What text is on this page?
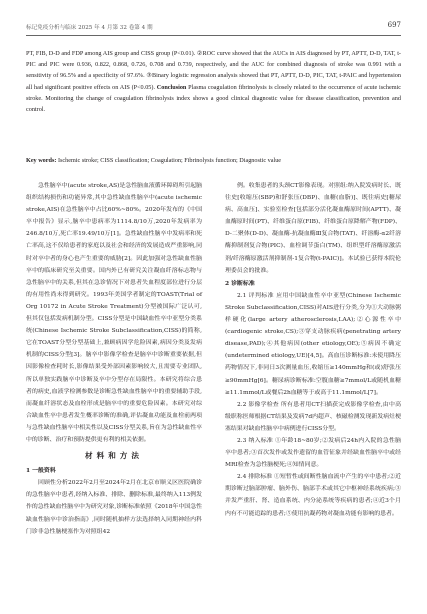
标记免疫分析与临床 2025 年 4 月第 32 卷第 4 期	697
PT, FIB, D-D and FDP among AIS group and CISS group (P<0.01). ②ROC curve showed that the AUCs in AIS diagnosed by PT, APTT, D-D, TAT, t-PIC and PIC were 0.936, 0.822, 0.868, 0.726, 0.708 and 0.739, respectively, and the AUC for combined diagnosis of stroke was 0.991 with a sensitivity of 96.5% and a specificity of 97.6%. ③Binary logistic regression analysis showed that PT, APTT, D-D, PIC, TAT, t-PAIC and hypertension all had significant positive effects on AIS (P<0.05). Conclusion Plasma coagulation fibrinolysis is closely related to the occurrence of acute ischemic stroke. Monitoring the change of coagulation fibrinolysis index shows a good clinical diagnostic value for disease classification, prevention and control.
Key words: Ischemic stroke; CISS classification; Coagulation; Fibrinolysis function; Diagnostic value

急性脑卒中(acute stroke,AS)是急性脑血液循环障碍所引起脑组织结构损伤和功能异常,其中急性缺血性脑卒中(acute ischemic stroke,AIS)在急性脑卒中占比60%~80%。2020年发布的《中国卒中报告》显示,脑卒中患病率为1114.8/10万,2020年发病率为246.8/10万,死亡率19.49/10万[1]。急性缺血性脑卒中发病率和死亡率高,这不仅给患者的家庭以及社会和经济的发展造成严重影响,同时对卒中者的身心也产生重要的威胁[2]。因此加强对急性缺血性脑卒中的临床研究至关重要。国内外已有研究关注凝血纤溶标志物与急性脑卒中的关系,但其在急诊情况下对患者失血程度部位进行分层的有用性尚未得到研究。1993年美国学者制定的TOAST(Trial of Org 10172 in Acute Stroke Treatment)分型被国际广泛认可,但其仅包括发病机制分型。CISS分型是中国缺血性卒中亚型分类系统(Chinese Ischemic Stroke Subclassification,CISS)的简称,它在TOAST分型分型基础上,兼顾病因学危险因素,病因分类及发病机制的CISS分型[3]。脑卒中影像学检查是脑卒中诊断重要依据,但因影像检查耗时长,影像结果受外部因素影响较大,且需要专业团队,所以单独实践脑卒中诊断及卒中分型存在局限性。本研究将综合患者的病史,血液学检测参数是诊断急性缺血性脑卒中的重要辅助手段,而凝血纤溶状态及血栓形成是脑卒中的重要危险因素。本研究对综合缺血性卒中患者发生概率诊断的准确,评估凝血功能及血栓前两项与急性缺血性脑卒中相关性以及CISS分型关系,旨在为急性缺血性卒中的诊断、治疗和预防提供更有利的相关依据。

材料和方法
1 一般资料

回顾性分析2022年2月至2024年2月在北京市顺义区医院确诊的急性脑卒中患者,经纳入标准、排除、删除标准,最终纳入113例发作的急性缺血性脑卒中为研究对象,诊断标准依照《2018年中国急性缺血性脑卒中诊治指南》,同时随机抽样方法选择纳入同期神经内科门诊非急性脑梗塞作为对照组42

例。收集患者的头颈CT影像表现。对照组:纳入院发病时长、既往史[收缩压(SBP)和舒张压(DBP)、血糖(血脂)]、既往病史[糖尿病、高血压]、实验室检查[包括部分活化凝血酶原时间(APTT)、凝血酶原时间(PT)、纤维蛋白原(FIB)、纤维蛋白原降解产物(FDP)、D-二聚体(D-D)、凝血酶-抗凝血酶Ⅲ复合物(TAT)、纤溶酶-α2纤溶酶抑制剂复合物(PIC)、血栓调节蛋白(TM)、组织型纤溶酶原激活剂/纤溶酶原激活剂抑制剂-1复合物(t-PAIC)]。本试验已获得本院伦理委员会的批准。

2 诊断标准

2.1 评判标准 应用中国缺血性卒中亚型(Chinese Ischemic Stroke Subclassification,CISS)对AIS进行分类,分为①大动脉粥样硬化(large artery atherosclerosis,LAA);②心源性卒中(cardiogenic stroke,CS);③穿支动脉疾病(penetrating artery disease,PAD);④其他病因(other etiology,OE);⑤病因不确定(undetermined etiology,UE)[4,5]。高血压诊断标准:未使用降压药物情况下,非同日3次测量血压,收缩压≥140mmHg和(或)舒张压≥90mmHg[6]。糖尿病诊断标准:空腹血糖≥7mmol/L或随机血糖≥11.1mmol/L或餐后2h血糖等于或高于11.1mmol/L[7]。

2.2 影像学检查 所有患者用CT扫描获完成影像学检查,由中高级职称医师根据CT结果及发病7d内超声、核磁检测发现新发病灶梗塞结果对缺血性脑卒中病例进行CISS分型。

2.3 纳入标准 ①年龄18~80岁;②发病后24h内入院的急性脑卒中患者;③首次发作或发作遗留的血管征象并经缺血性脑卒中或经MRI检查为急性脑梗死;④知情同意。

2.4 排除标准 ①短暂性或间断性脑血流中产生的卒中患者;②近期诊断过脑部肿瘤、脑外伤、脑部手术或其它中枢神经系统疾病;③并发严重肝、肾、造血系统、内分泌系统等疾病的患者;④近3个月内有不可能追踪的患者;⑤使用抗凝药物对凝血功能有影响的患者。
